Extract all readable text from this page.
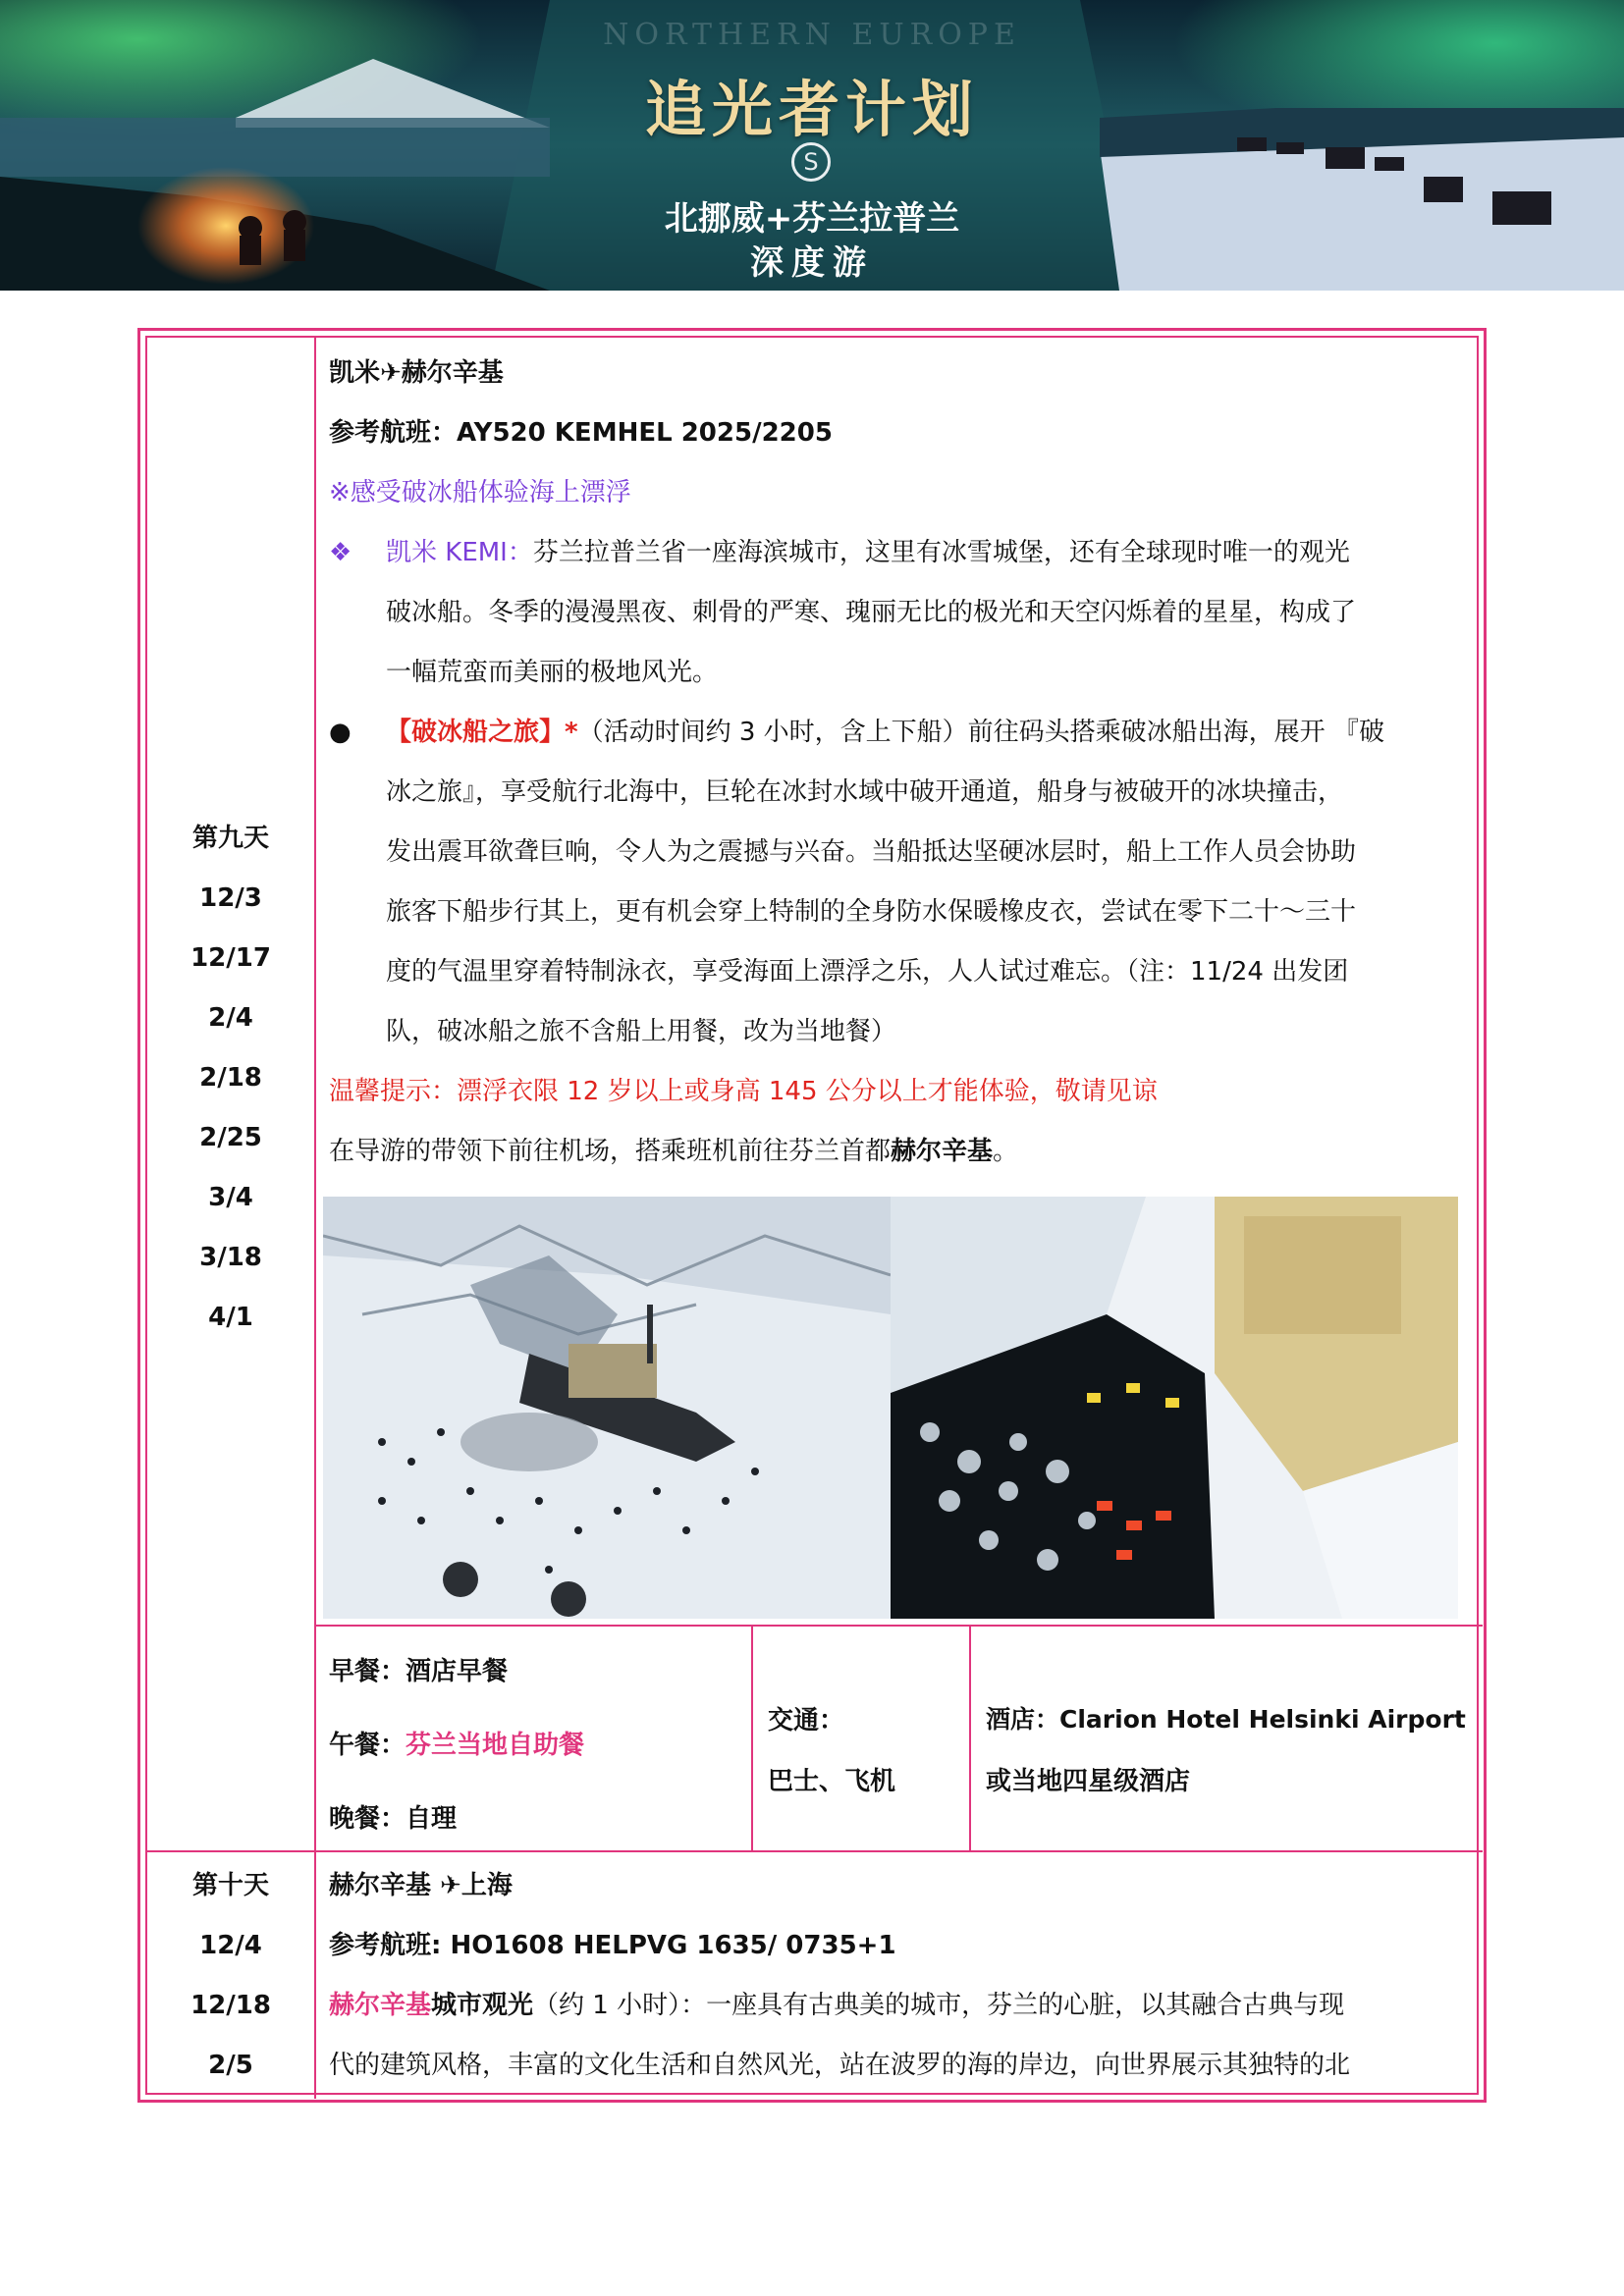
NORTHERN EUROPE
追光者计划
S
北挪威+芬兰拉普兰
深度游
第九天
12/3
12/17
2/4
2/18
2/25
3/4
3/18
4/1
凯米✈赫尔辛基
参考航班：AY520 KEMHEL 2025/2205
※感受破冰船体验海上漂浮
❖	凯米 KEMI：芬兰拉普兰省一座海滨城市，这里有冰雪城堡，还有全球现时唯一的观光
破冰船。冬季的漫漫黑夜、刺骨的严寒、瑰丽无比的极光和天空闪烁着的星星，构成了
一幅荒蛮而美丽的极地风光。
●	【破冰船之旅】*（活动时间约 3 小时，含上下船）前往码头搭乘破冰船出海，展开 『破
冰之旅』，享受航行北海中，巨轮在冰封水域中破开通道，船身与被破开的冰块撞击，
发出震耳欲聋巨响，令人为之震撼与兴奋。当船抵达坚硬冰层时，船上工作人员会协助
旅客下船步行其上，更有机会穿上特制的全身防水保暖橡皮衣，尝试在零下二十～三十
度的气温里穿着特制泳衣，享受海面上漂浮之乐，人人试过难忘。（注：11/24 出发团
队，破冰船之旅不含船上用餐，改为当地餐）
温馨提示：漂浮衣限 12 岁以上或身高 145 公分以上才能体验，敬请见谅
在导游的带领下前往机场，搭乘班机前往芬兰首都赫尔辛基。
早餐：酒店早餐
午餐：芬兰当地自助餐
晚餐：自理
交通：
巴士、飞机
酒店：Clarion Hotel Helsinki Airport
或当地四星级酒店
第十天
12/4
12/18
2/5
赫尔辛基 ✈上海
参考航班: HO1608 HELPVG 1635/ 0735+1
赫尔辛基城市观光（约 1 小时）：一座具有古典美的城市，芬兰的心脏，以其融合古典与现
代的建筑风格，丰富的文化生活和自然风光，站在波罗的海的岸边，向世界展示其独特的北
